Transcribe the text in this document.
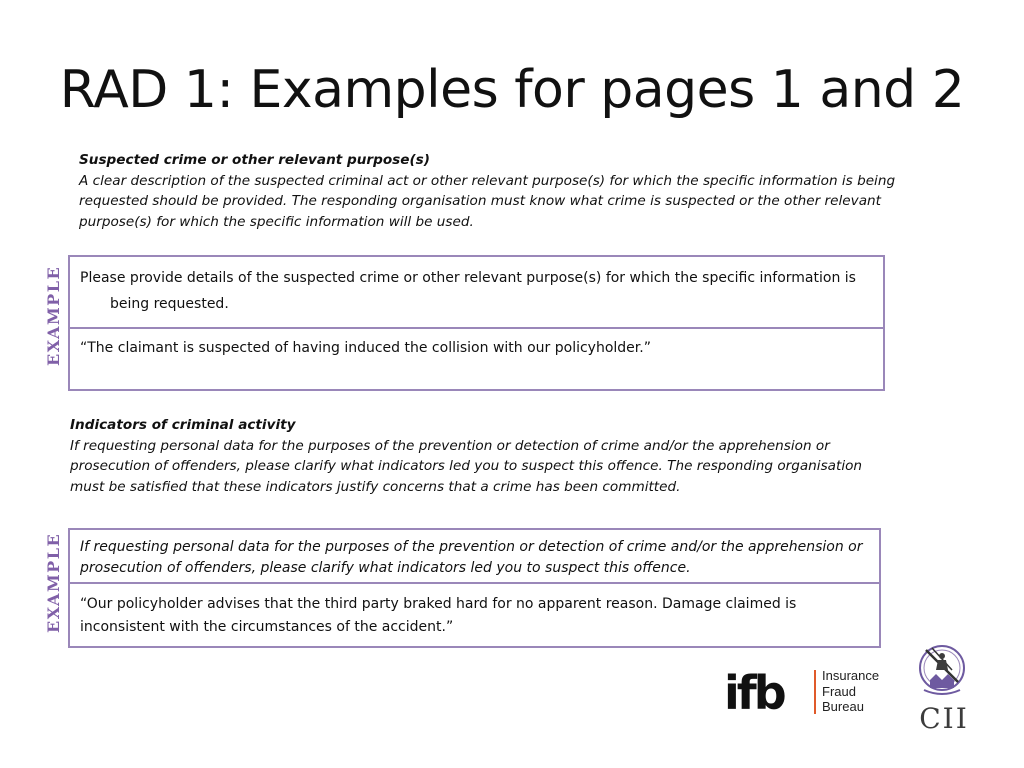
RAD 1: Examples for pages 1 and 2
Suspected crime or other relevant purpose(s)
A clear description of the suspected criminal act or other relevant purpose(s) for which the specific information is being requested should be provided. The responding organisation must know what crime is suspected or the other relevant purpose(s) for which the specific information will be used.
EXAMPLE	Please provide details of the suspected crime or other relevant purpose(s) for which the specific information is
being requested.
“The claimant is suspected of having induced the collision with our policyholder.”
Indicators of criminal activity
If requesting personal data for the purposes of the prevention or detection of crime and/or the apprehension or prosecution of offenders, please clarify what indicators led you to suspect this offence. The responding organisation must be satisfied that these indicators justify concerns that a crime has been committed.
EXAMPLE	If requesting personal data for the purposes of the prevention or detection of crime and/or the apprehension or prosecution of offenders, please clarify what indicators led you to suspect this offence.
“Our policyholder advises that the third party braked hard for no apparent reason. Damage claimed is inconsistent with the circumstances of the accident.”
ifb	Insurance
Fraud
Bureau	CII
